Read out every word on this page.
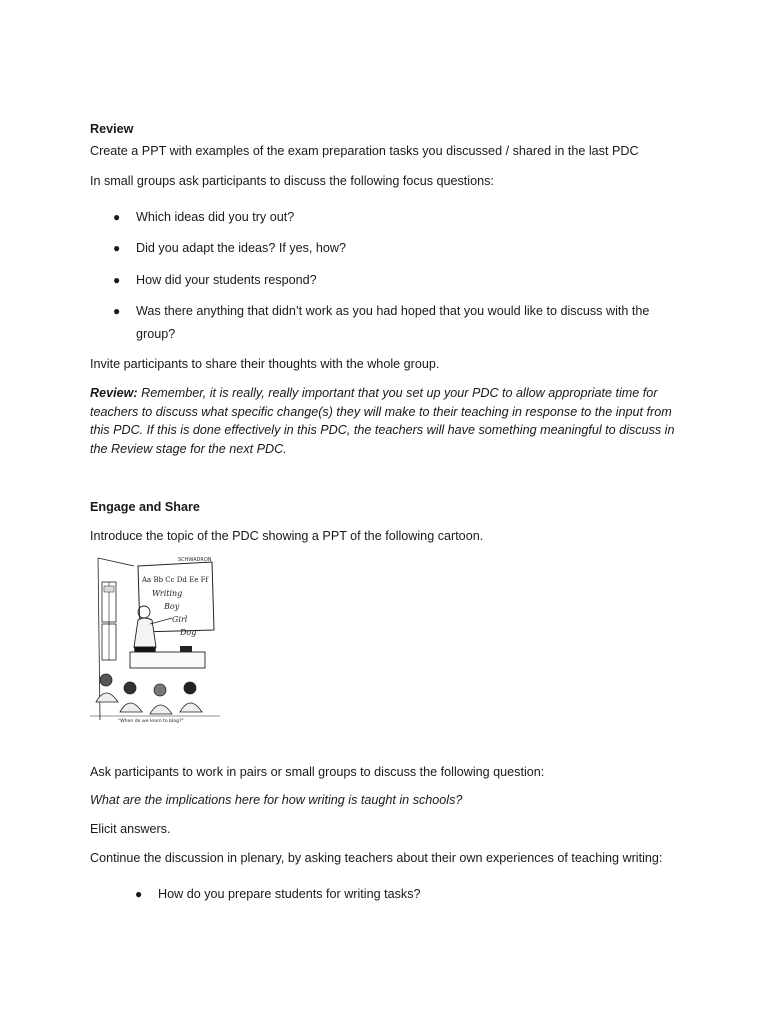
Review
Create a PPT with examples of the exam preparation tasks you discussed / shared in the last PDC
In small groups ask participants to discuss the following focus questions:
● Which ideas did you try out?
● Did you adapt the ideas? If yes, how?
● How did your students respond?
● Was there anything that didn’t work as you had hoped that you would like to discuss with the
group?
Invite participants to share their thoughts with the whole group.
Review: Remember, it is really, really important that you set up your PDC to allow appropriate time for teachers to discuss what specific change(s) they will make to their teaching in response to the input from this PDC. If this is done effectively in this PDC, the teachers will have something meaningful to discuss in the Review stage for the next PDC.
Engage and Share
Introduce the topic of the PDC showing a PPT of the following cartoon.
SCHWADRON
Aa Bb Cc Dd Ee Ff
Writing
Boy
Girl
Dog
"When do we learn to blog?"
Ask participants to work in pairs or small groups to discuss the following question:
What are the implications here for how writing is taught in schools?
Elicit answers.
Continue the discussion in plenary, by asking teachers about their own experiences of teaching writing:
● How do you prepare students for writing tasks?
